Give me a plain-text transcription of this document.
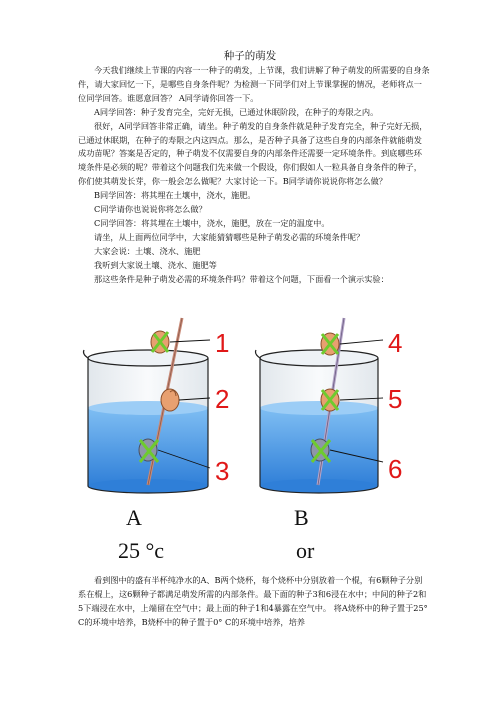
种子的萌发

今天我们继续上节课的内容一一种子的萌发，上节课，我们讲解了种子萌发的所需要的自身条件，请大家回忆一下，是哪些自身条件呢？为检测一下同学们对上节课掌握的情况，老师将点一位同学回答。谁愿意回答？ A同学请你回答一下。

A同学回答：种子发育完全，完好无损，已通过休眠阶段，在种子的寿限之内。

很好，A同学回答非常正确，请坐。种子萌发的自身条件就是种子发育完全，种子完好无损，已通过休眠期，在种子的寿限之内这四点。那么，是否种子具备了这些自身的内部条件就能萌发成功苗呢？答案是否定的，种子萌发不仅需要自身的内部条件还需要一定环境条件。到底哪些环境条件是必须的呢？带着这个问题我们先来做一个假设，你们假如人一粒具备自身条件的种子，你们使其萌发长芽，你一般会怎么做呢？大家讨论一下。B同学请你说说你将怎么做？

B同学回答：将其埋在土壤中，浇水，施肥。

C同学请你也说说你将怎么做？

C同学回答：将其埋在土壤中，浇水，施肥，放在一定的温度中。

请坐，从上面两位同学中，大家能猜猜哪些是种子萌发必需的环境条件呢？

大家会说：土壤、浇水、施肥

我听到大家说土壤、浇水、施肥等

那这些条件是种子萌发必需的环境条件吗？带着这个问题，下面看一个演示实验：

1
2
3
A
25 °c
4
5
6
B
or

看到图中的盛有半杯纯净水的A、B两个烧杯，每个烧杯中分别放着一个棍，有6颗种子分别系在棍上，这6颗种子都满足萌发所需的内部条件。最下面的种子3和6浸在水中；中间的种子2和5下端浸在水中，上端留在空气中；最上面的种子1和4暴露在空气中。 将A烧杯中的种子置于25° C的环境中培养，B烧杯中的种子置于0° C的环境中培养，培养
